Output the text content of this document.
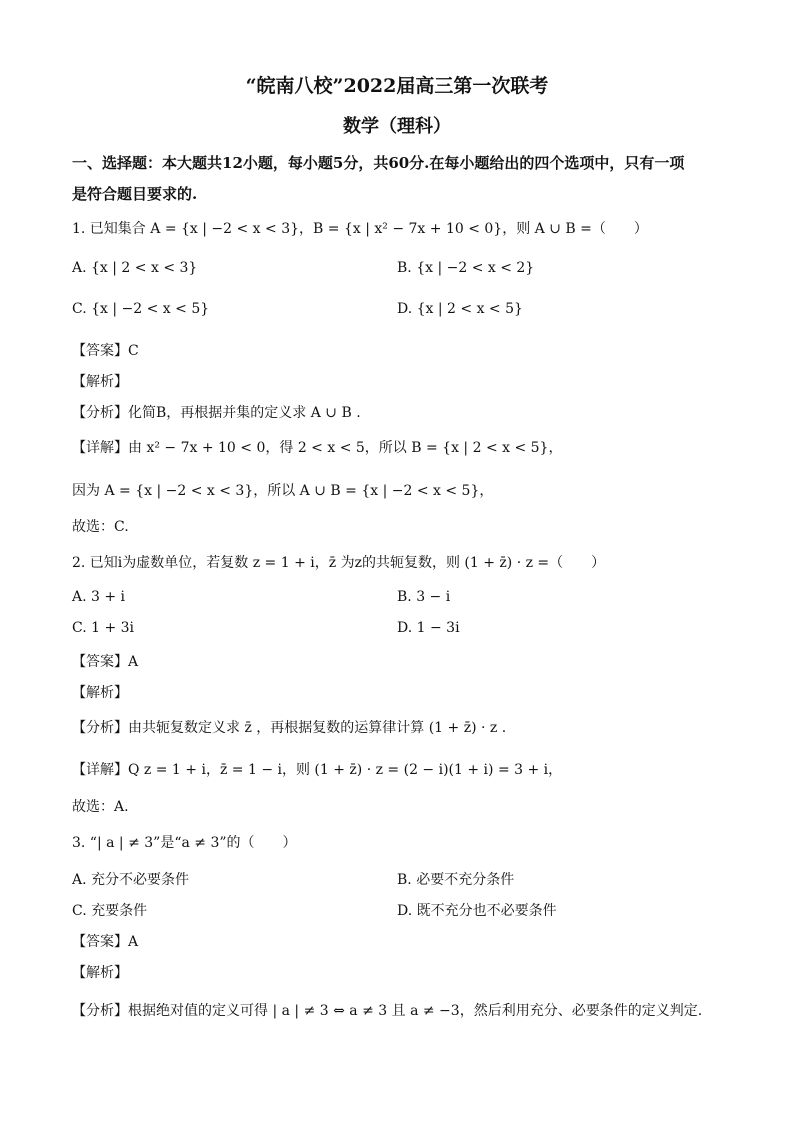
“皖南八校”2022届高三第一次联考
数学（理科）
一、选择题：本大题共12小题，每小题5分，共60分.在每小题给出的四个选项中，只有一项
是符合题目要求的.
1. 已知集合 A = {x | −2 < x < 3}，B = {x | x² − 7x + 10 < 0}，则 A ∪ B =（　　）
A. {x | 2 < x < 3}	B. {x | −2 < x < 2}
C. {x | −2 < x < 5}	D. {x | 2 < x < 5}
【答案】C
【解析】
【分析】化简B，再根据并集的定义求 A ∪ B .
【详解】由 x² − 7x + 10 < 0，得 2 < x < 5，所以 B = {x | 2 < x < 5}，
因为 A = {x | −2 < x < 3}，所以 A ∪ B = {x | −2 < x < 5}，
故选：C.
2. 已知i为虚数单位，若复数 z = 1 + i，z̄ 为z的共轭复数，则 (1 + z̄) · z =（　　）
A. 3 + i	B. 3 − i
C. 1 + 3i	D. 1 − 3i
【答案】A
【解析】
【分析】由共轭复数定义求 z̄ ，再根据复数的运算律计算 (1 + z̄) · z .
【详解】Q z = 1 + i，z̄ = 1 − i，则 (1 + z̄) · z = (2 − i)(1 + i) = 3 + i，
故选：A.
3. “| a | ≠ 3”是“a ≠ 3”的（　　）
A. 充分不必要条件	B. 必要不充分条件
C. 充要条件	D. 既不充分也不必要条件
【答案】A
【解析】
【分析】根据绝对值的定义可得 | a | ≠ 3 ⇔ a ≠ 3 且 a ≠ −3，然后利用充分、必要条件的定义判定.
